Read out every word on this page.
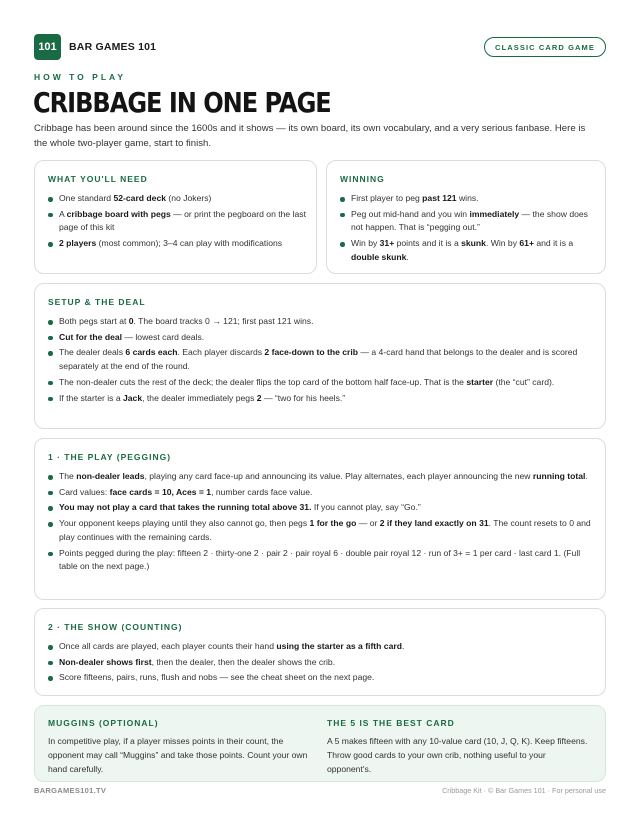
101	BAR GAMES 101	CLASSIC CARD GAME
HOW TO PLAY
CRIBBAGE IN ONE PAGE
Cribbage has been around since the 1600s and it shows — its own board, its own vocabulary, and a very serious fanbase. Here is the whole two-player game, start to finish.
WHAT YOU'LL NEED
One standard 52-card deck (no Jokers)
A cribbage board with pegs — or print the pegboard on the last page of this kit
2 players (most common); 3–4 can play with modifications
WINNING
First player to peg past 121 wins.
Peg out mid-hand and you win immediately — the show does not happen. That is “pegging out.”
Win by 31+ points and it is a skunk. Win by 61+ and it is a double skunk.
SETUP & THE DEAL
Both pegs start at 0. The board tracks 0 → 121; first past 121 wins.
Cut for the deal — lowest card deals.
The dealer deals 6 cards each. Each player discards 2 face-down to the crib — a 4-card hand that belongs to the dealer and is scored separately at the end of the round.
The non-dealer cuts the rest of the deck; the dealer flips the top card of the bottom half face-up. That is the starter (the “cut” card).
If the starter is a Jack, the dealer immediately pegs 2 — “two for his heels.”
1 · THE PLAY (PEGGING)
The non-dealer leads, playing any card face-up and announcing its value. Play alternates, each player announcing the new running total.
Card values: face cards = 10, Aces = 1, number cards face value.
You may not play a card that takes the running total above 31. If you cannot play, say “Go.”
Your opponent keeps playing until they also cannot go, then pegs 1 for the go — or 2 if they land exactly on 31. The count resets to 0 and play continues with the remaining cards.
Points pegged during the play: fifteen 2 · thirty-one 2 · pair 2 · pair royal 6 · double pair royal 12 · run of 3+ = 1 per card · last card 1. (Full table on the next page.)
2 · THE SHOW (COUNTING)
Once all cards are played, each player counts their hand using the starter as a fifth card.
Non-dealer shows first, then the dealer, then the dealer shows the crib.
Score fifteens, pairs, runs, flush and nobs — see the cheat sheet on the next page.
MUGGINS (OPTIONAL)
In competitive play, if a player misses points in their count, the opponent may call “Muggins” and take those points. Count your own hand carefully.
THE 5 IS THE BEST CARD
A 5 makes fifteen with any 10-value card (10, J, Q, K). Keep fifteens. Throw good cards to your own crib, nothing useful to your opponent's.
BARGAMES101.TV	Cribbage Kit · © Bar Games 101 · For personal use
